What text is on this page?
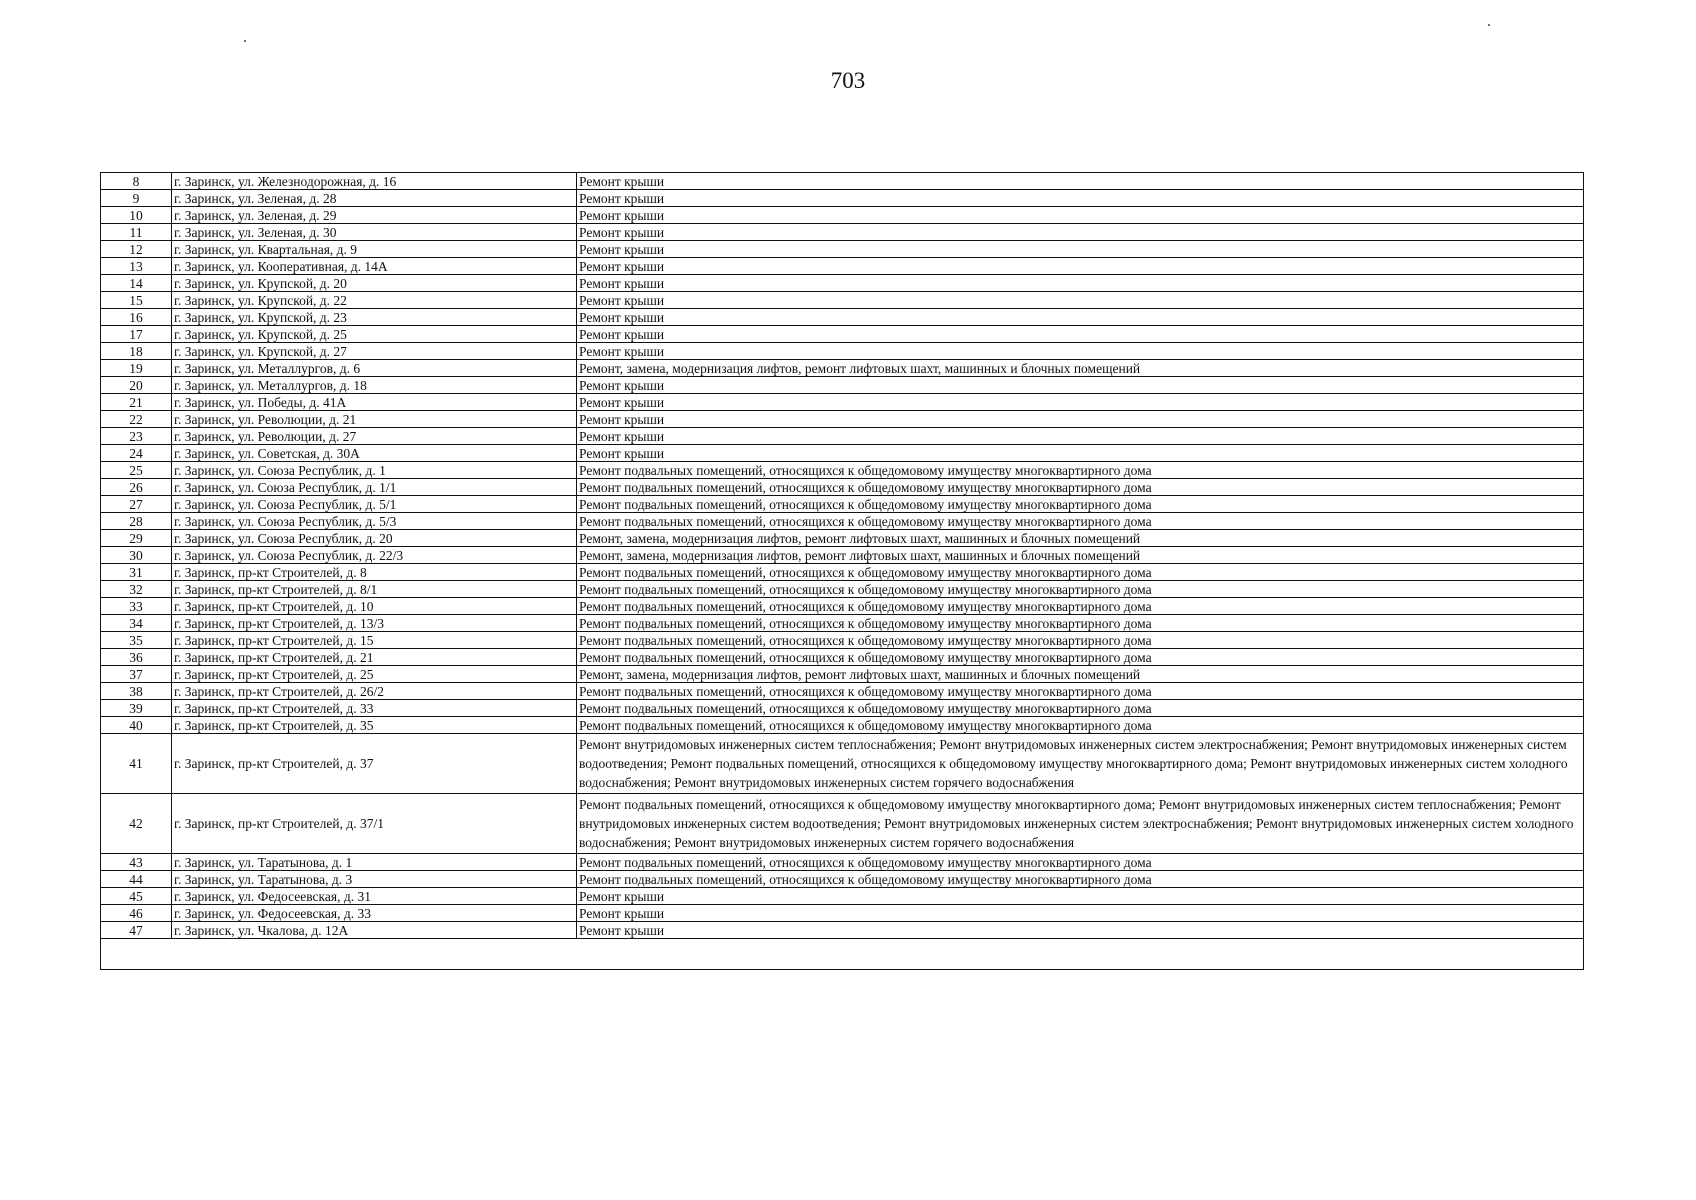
703
8	г. Заринск, ул. Железнодорожная, д. 16	Ремонт крыши
9	г. Заринск, ул. Зеленая, д. 28	Ремонт крыши
10	г. Заринск, ул. Зеленая, д. 29	Ремонт крыши
11	г. Заринск, ул. Зеленая, д. 30	Ремонт крыши
12	г. Заринск, ул. Квартальная, д. 9	Ремонт крыши
13	г. Заринск, ул. Кооперативная, д. 14А	Ремонт крыши
14	г. Заринск, ул. Крупской, д. 20	Ремонт крыши
15	г. Заринск, ул. Крупской, д. 22	Ремонт крыши
16	г. Заринск, ул. Крупской, д. 23	Ремонт крыши
17	г. Заринск, ул. Крупской, д. 25	Ремонт крыши
18	г. Заринск, ул. Крупской, д. 27	Ремонт крыши
19	г. Заринск, ул. Металлургов, д. 6	Ремонт, замена, модернизация лифтов, ремонт лифтовых шахт, машинных и блочных помещений
20	г. Заринск, ул. Металлургов, д. 18	Ремонт крыши
21	г. Заринск, ул. Победы, д. 41А	Ремонт крыши
22	г. Заринск, ул. Революции, д. 21	Ремонт крыши
23	г. Заринск, ул. Революции, д. 27	Ремонт крыши
24	г. Заринск, ул. Советская, д. 30А	Ремонт крыши
25	г. Заринск, ул. Союза Республик, д. 1	Ремонт подвальных помещений, относящихся к общедомовому имуществу многоквартирного дома
26	г. Заринск, ул. Союза Республик, д. 1/1	Ремонт подвальных помещений, относящихся к общедомовому имуществу многоквартирного дома
27	г. Заринск, ул. Союза Республик, д. 5/1	Ремонт подвальных помещений, относящихся к общедомовому имуществу многоквартирного дома
28	г. Заринск, ул. Союза Республик, д. 5/3	Ремонт подвальных помещений, относящихся к общедомовому имуществу многоквартирного дома
29	г. Заринск, ул. Союза Республик, д. 20	Ремонт, замена, модернизация лифтов, ремонт лифтовых шахт, машинных и блочных помещений
30	г. Заринск, ул. Союза Республик, д. 22/3	Ремонт, замена, модернизация лифтов, ремонт лифтовых шахт, машинных и блочных помещений
31	г. Заринск, пр-кт Строителей, д. 8	Ремонт подвальных помещений, относящихся к общедомовому имуществу многоквартирного дома
32	г. Заринск, пр-кт Строителей, д. 8/1	Ремонт подвальных помещений, относящихся к общедомовому имуществу многоквартирного дома
33	г. Заринск, пр-кт Строителей, д. 10	Ремонт подвальных помещений, относящихся к общедомовому имуществу многоквартирного дома
34	г. Заринск, пр-кт Строителей, д. 13/3	Ремонт подвальных помещений, относящихся к общедомовому имуществу многоквартирного дома
35	г. Заринск, пр-кт Строителей, д. 15	Ремонт подвальных помещений, относящихся к общедомовому имуществу многоквартирного дома
36	г. Заринск, пр-кт Строителей, д. 21	Ремонт подвальных помещений, относящихся к общедомовому имуществу многоквартирного дома
37	г. Заринск, пр-кт Строителей, д. 25	Ремонт, замена, модернизация лифтов, ремонт лифтовых шахт, машинных и блочных помещений
38	г. Заринск, пр-кт Строителей, д. 26/2	Ремонт подвальных помещений, относящихся к общедомовому имуществу многоквартирного дома
39	г. Заринск, пр-кт Строителей, д. 33	Ремонт подвальных помещений, относящихся к общедомовому имуществу многоквартирного дома
40	г. Заринск, пр-кт Строителей, д. 35	Ремонт подвальных помещений, относящихся к общедомовому имуществу многоквартирного дома
41	г. Заринск, пр-кт Строителей, д. 37	Ремонт внутридомовых инженерных систем теплоснабжения; Ремонт внутридомовых инженерных систем электроснабжения; Ремонт внутридомовых инженерных систем водоотведения; Ремонт подвальных помещений, относящихся к общедомовому имуществу многоквартирного дома; Ремонт внутридомовых инженерных систем холодного водоснабжения; Ремонт внутридомовых инженерных систем горячего водоснабжения
42	г. Заринск, пр-кт Строителей, д. 37/1	Ремонт подвальных помещений, относящихся к общедомовому имуществу многоквартирного дома; Ремонт внутридомовых инженерных систем теплоснабжения; Ремонт внутридомовых инженерных систем водоотведения; Ремонт внутридомовых инженерных систем электроснабжения; Ремонт внутридомовых инженерных систем холодного водоснабжения; Ремонт внутридомовых инженерных систем горячего водоснабжения
43	г. Заринск, ул. Таратынова, д. 1	Ремонт подвальных помещений, относящихся к общедомовому имуществу многоквартирного дома
44	г. Заринск, ул. Таратынова, д. 3	Ремонт подвальных помещений, относящихся к общедомовому имуществу многоквартирного дома
45	г. Заринск, ул. Федосеевская, д. 31	Ремонт крыши
46	г. Заринск, ул. Федосеевская, д. 33	Ремонт крыши
47	г. Заринск, ул. Чкалова, д. 12А	Ремонт крыши
